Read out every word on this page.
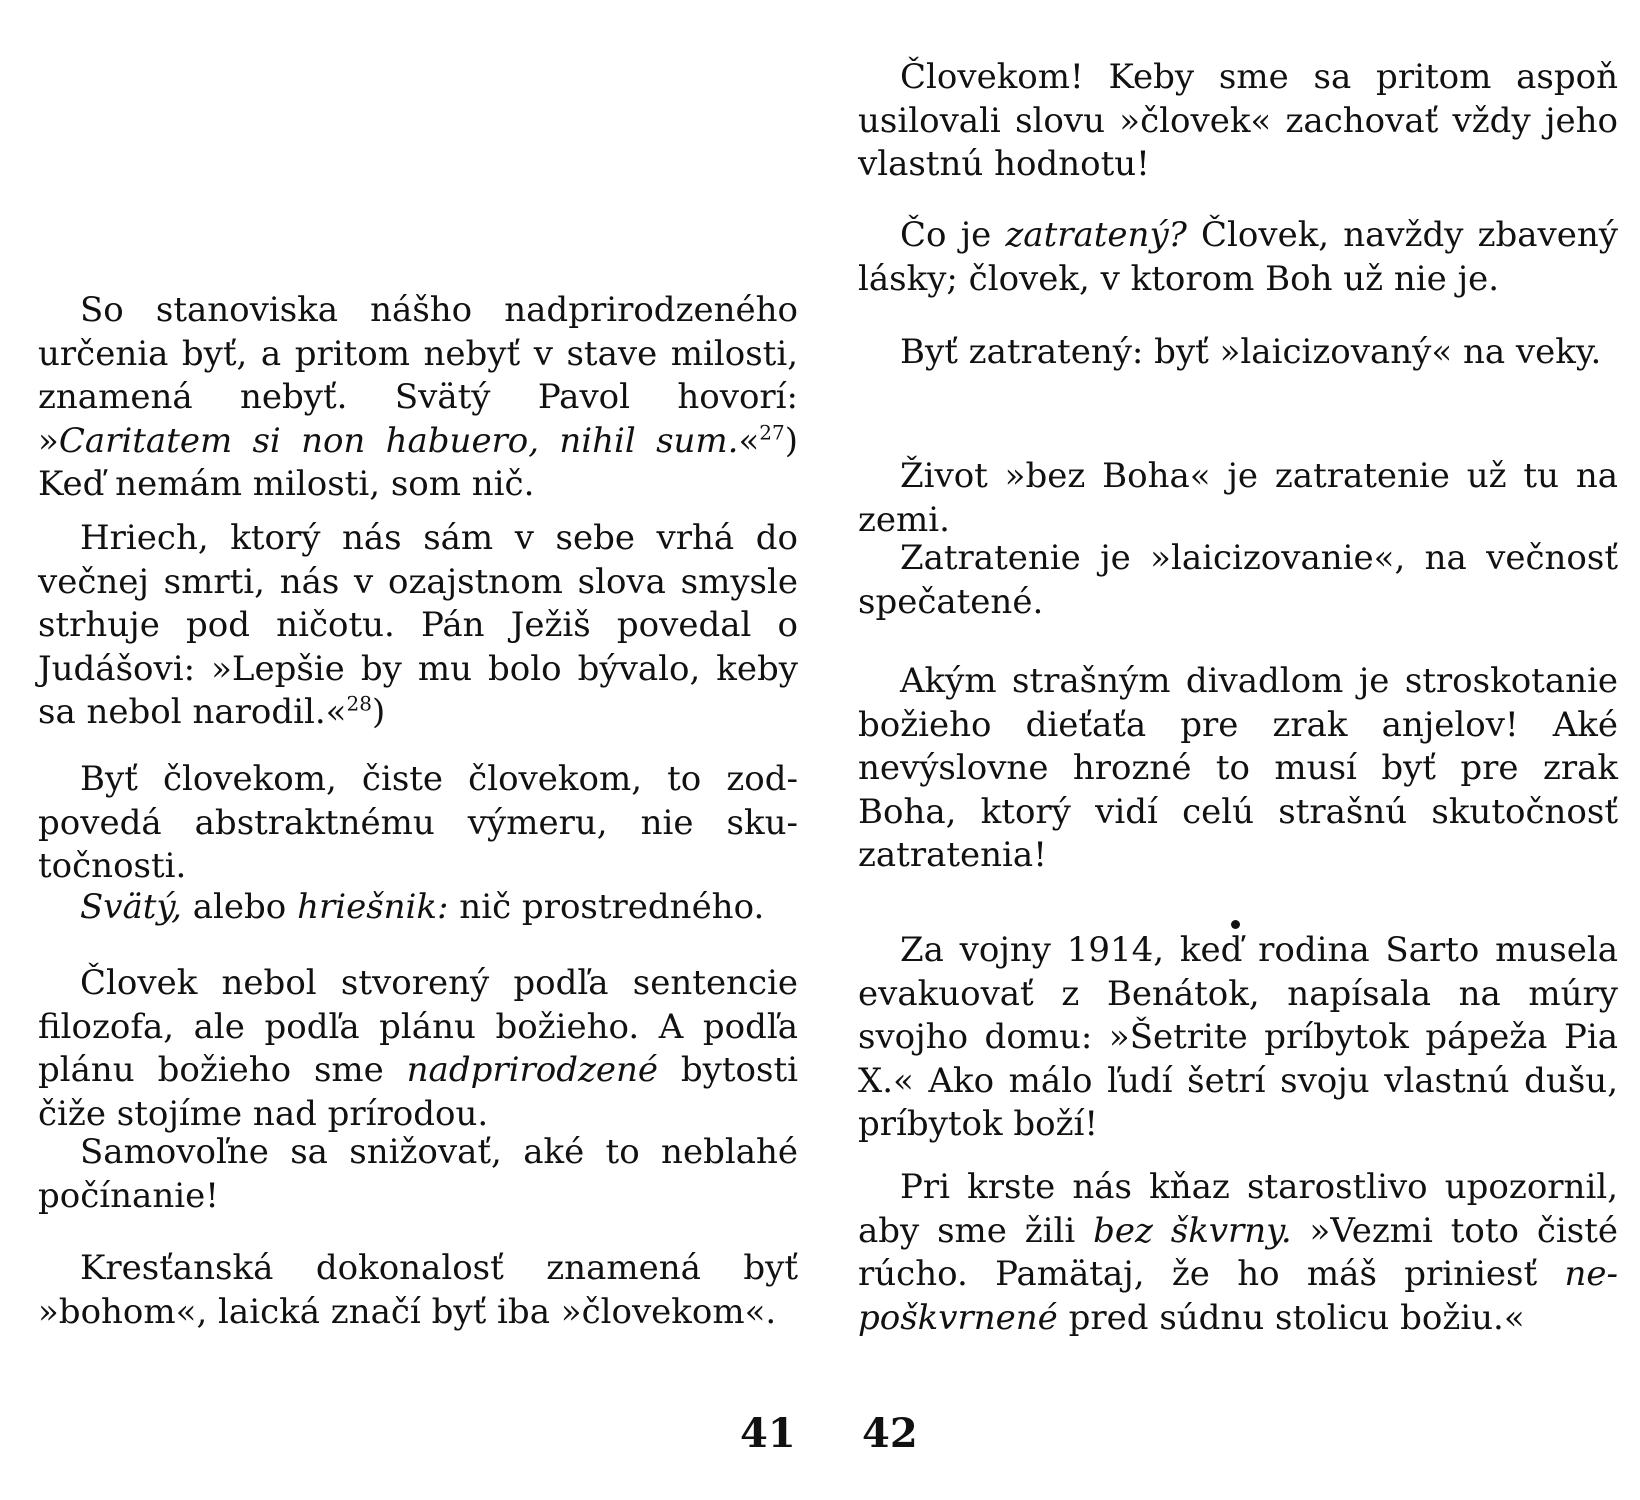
So stanoviska nášho nadprirodzeného určenia byť, a pritom nebyť v stave milosti, znamená nebyť. Svätý Pavol hovorí: »Caritatem si non habuero, nihil sum.«$^{27}$) Keď nemám milosti, som nič.

Hriech, ktorý nás sám v sebe vrhá do večnej smrti, nás v ozajstnom slova smysle strhuje pod ničotu. Pán Ježiš povedal o Judášovi: »Lepšie by mu bolo bývalo, keby sa nebol narodil.«$^{28}$)

Byť človekom, čiste človekom, to zodpovedá abstraktnému výmeru, nie skutočnosti.

Svätý, alebo hriešnik: nič prostredného.

Človek nebol stvorený podľa sentencie filozofa, ale podľa plánu božieho. A podľa plánu božieho sme nadprirodzené bytosti čiže stojíme nad prírodou.

Samovoľne sa snižovať, aké to neblahé počínanie!

Kresťanská dokonalosť znamená byť »bohom«, laická značí byť iba »človekom«.

41

Človekom! Keby sme sa pritom aspoň usilovali slovu »človek« zachovať vždy jeho vlastnú hodnotu!

Čo je zatratený? Človek, navždy zbavený lásky; človek, v ktorom Boh už nie je.

Byť zatratený: byť »laicizovaný« na veky.

Život »bez Boha« je zatratenie už tu na zemi.

Zatratenie je »laicizovanie«, na večnosť spečatené.

Akým strašným divadlom je stroskotanie božieho dieťaťa pre zrak anjelov! Aké nevýslovne hrozné to musí byť pre zrak Boha, ktorý vidí celú strašnú skutočnosť zatratenia!

Za vojny 1914, keď rodina Sarto musela evakuovať z Benátok, napísala na múry svojho domu: »Šetrite príbytok pápeža Pia X.« Ako málo ľudí šetrí svoju vlastnú dušu, príbytok boží!

Pri krste nás kňaz starostlivo upozornil, aby sme žili bez škvrny. »Vezmi toto čisté rúcho. Pamätaj, že ho máš priniesť nepoškvrnené pred súdnu stolicu božiu.«

42
